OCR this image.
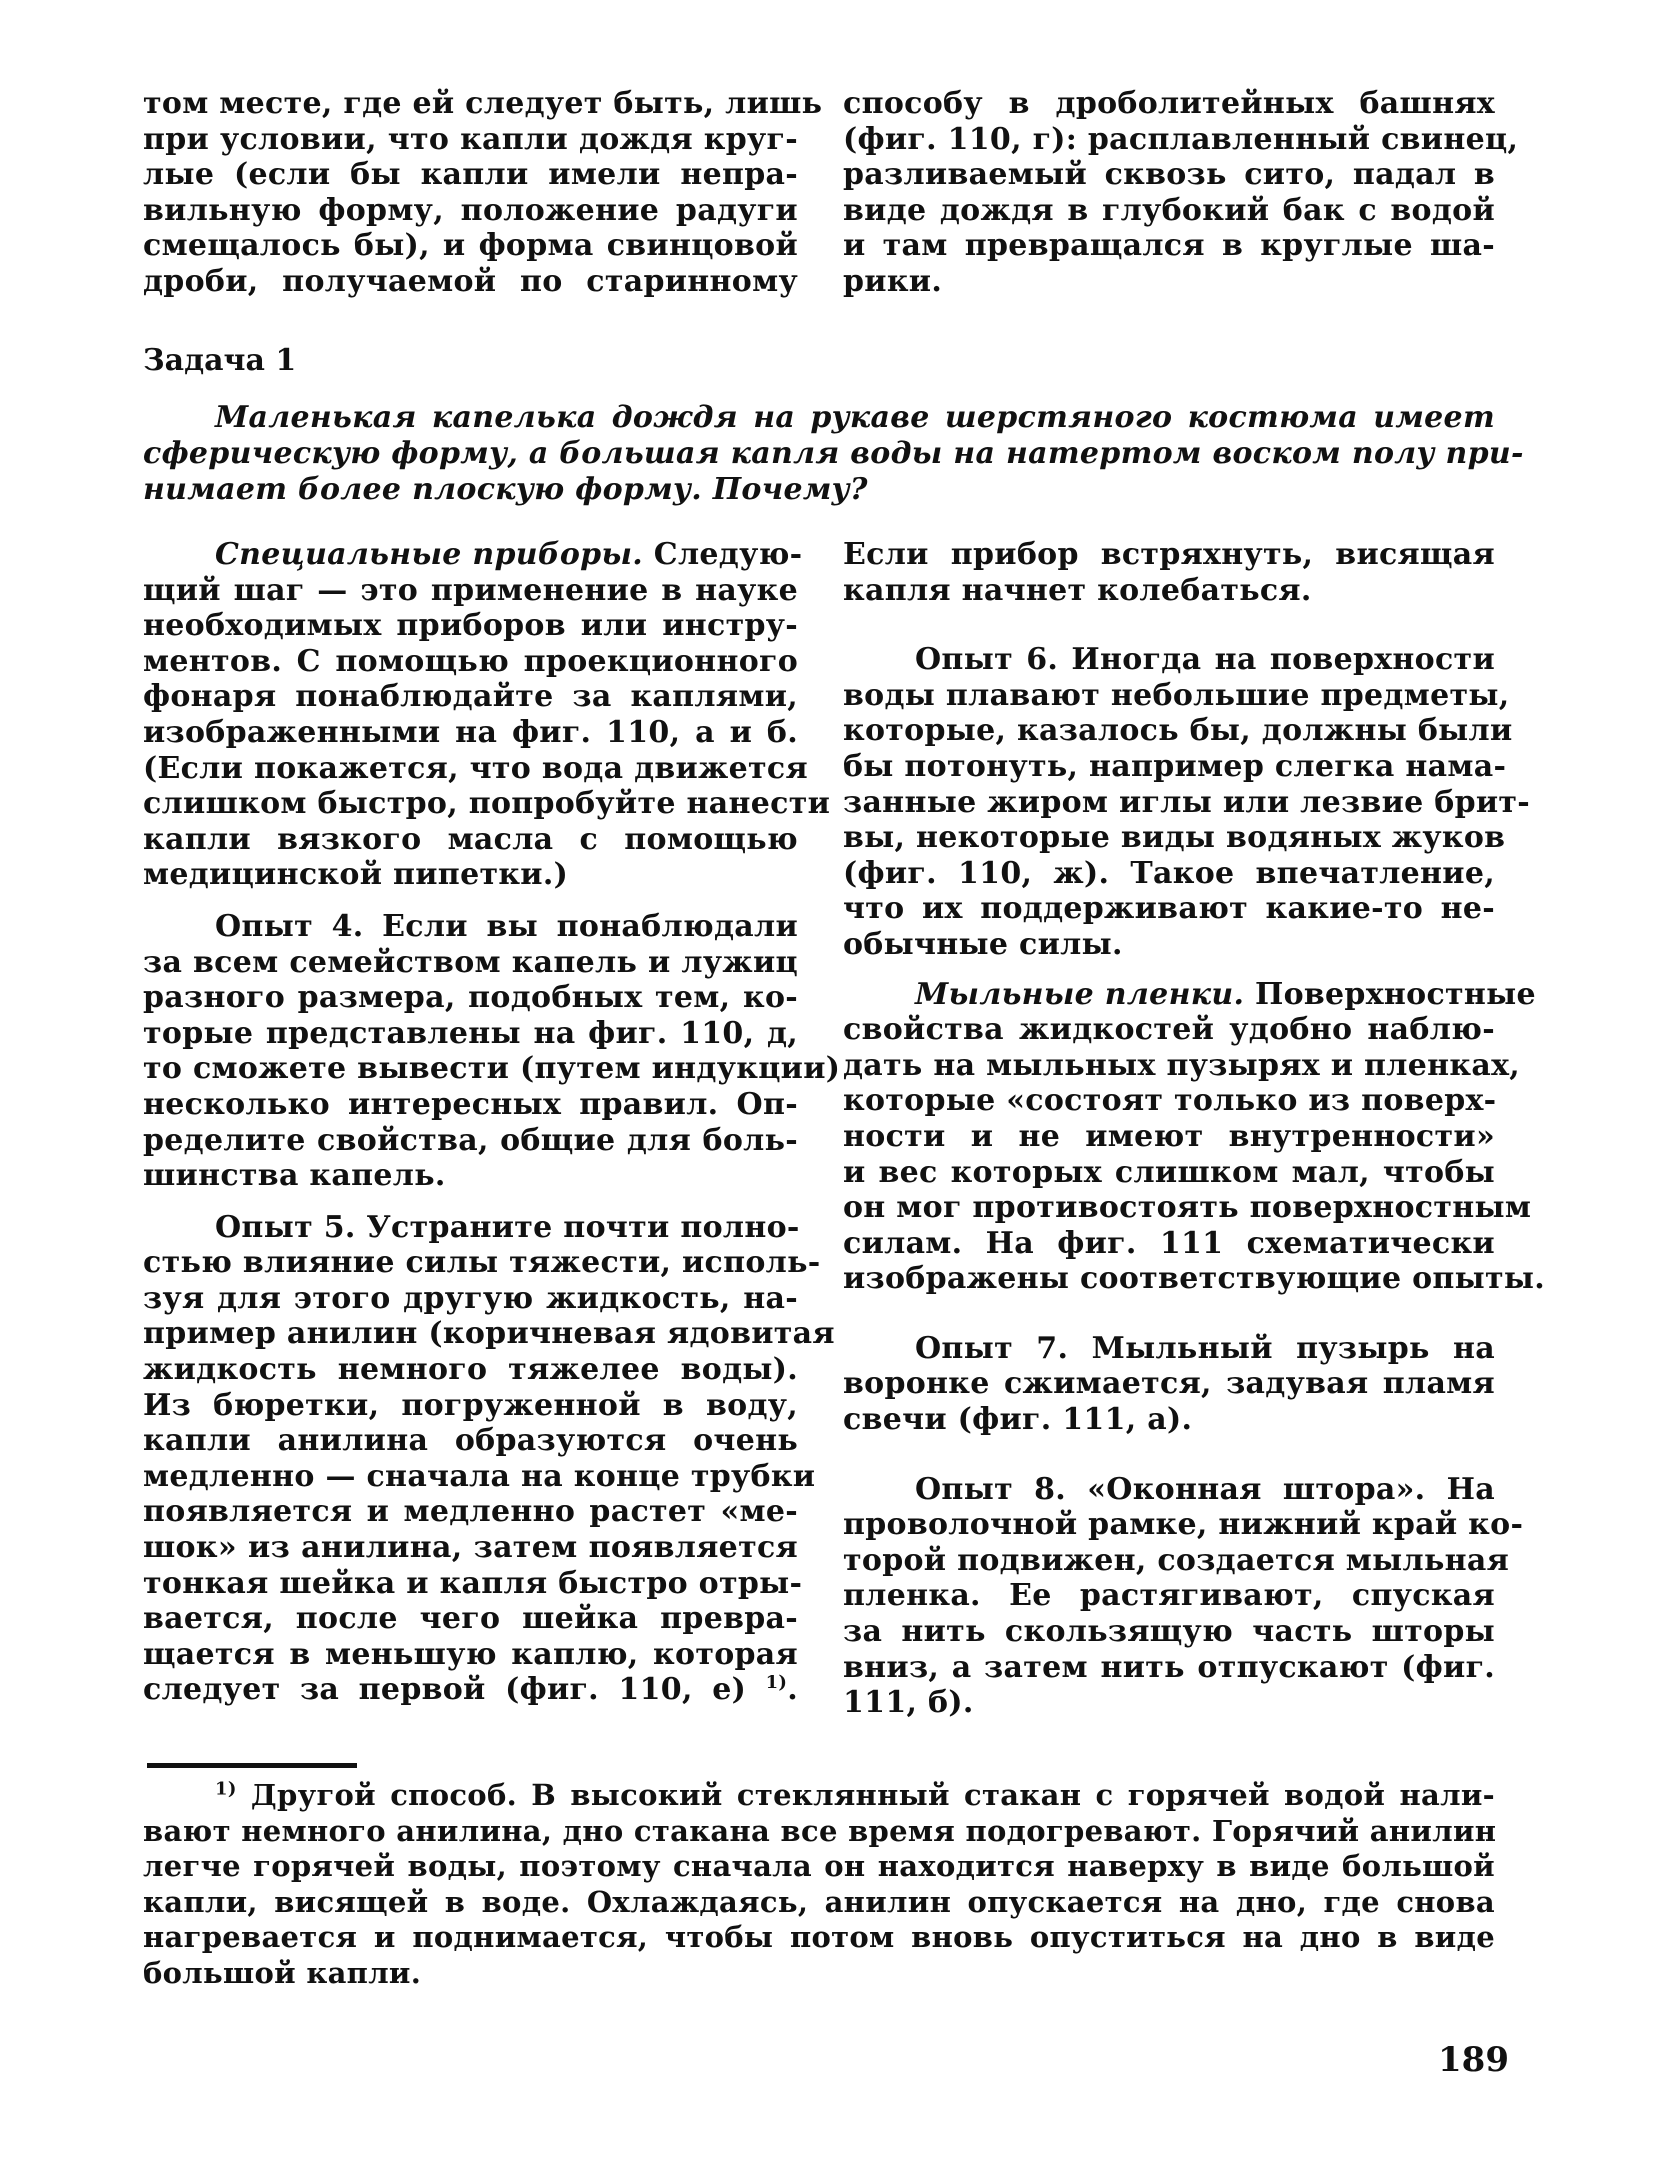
том месте, где ей следует быть, лишь
при условии, что капли дождя круг-
лые (если бы капли имели непра-
вильную форму, положение радуги
смещалось бы), и форма свинцовой
дроби, получаемой по старинному

способу в дроболитейных башнях
(фиг. 110, г): расплавленный свинец,
разливаемый сквозь сито, падал в
виде дождя в глубокий бак с водой
и там превращался в круглые ша-
рики.

Задача 1

Маленькая капелька дождя на рукаве шерстяного костюма имеет
сферическую форму, а большая капля воды на натертом воском полу при-
нимает более плоскую форму. Почему?

Специальные приборы. Следую-
щий шаг — это применение в науке
необходимых приборов или инстру-
ментов. С помощью проекционного
фонаря понаблюдайте за каплями,
изображенными на фиг. 110, а и б.
(Если покажется, что вода движется
слишком быстро, попробуйте нанести
капли вязкого масла с помощью
медицинской пипетки.)

Опыт 4. Если вы понаблюдали
за всем семейством капель и лужиц
разного размера, подобных тем, ко-
торые представлены на фиг. 110, д,
то сможете вывести (путем индукции)
несколько интересных правил. Оп-
ределите свойства, общие для боль-
шинства капель.

Опыт 5. Устраните почти полно-
стью влияние силы тяжести, исполь-
зуя для этого другую жидкость, на-
пример анилин (коричневая ядовитая
жидкость немного тяжелее воды).
Из бюретки, погруженной в воду,
капли анилина образуются очень
медленно — сначала на конце трубки
появляется и медленно растет «ме-
шок» из анилина, затем появляется
тонкая шейка и капля быстро отры-
вается, после чего шейка превра-
щается в меньшую каплю, которая
следует за первой (фиг. 110, е) $^{1)}$.

Если прибор встряхнуть, висящая
капля начнет колебаться.

Опыт 6. Иногда на поверхности
воды плавают небольшие предметы,
которые, казалось бы, должны были
бы потонуть, например слегка нама-
занные жиром иглы или лезвие брит-
вы, некоторые виды водяных жуков
(фиг. 110, ж). Такое впечатление,
что их поддерживают какие-то не-
обычные силы.

Мыльные пленки. Поверхностные
свойства жидкостей удобно наблю-
дать на мыльных пузырях и пленках,
которые «состоят только из поверх-
ности и не имеют внутренности»
и вес которых слишком мал, чтобы
он мог противостоять поверхностным
силам. На фиг. 111 схематически
изображены соответствующие опыты.

Опыт 7. Мыльный пузырь на
воронке сжимается, задувая пламя
свечи (фиг. 111, а).

Опыт 8. «Оконная штора». На
проволочной рамке, нижний край ко-
торой подвижен, создается мыльная
пленка. Ее растягивают, спуская
за нить скользящую часть шторы
вниз, а затем нить отпускают (фиг.
111, б).

$^{1)}$ Другой способ. В высокий стеклянный стакан с горячей водой нали-
вают немного анилина, дно стакана все время подогревают. Горячий анилин
легче горячей воды, поэтому сначала он находится наверху в виде большой
капли, висящей в воде. Охлаждаясь, анилин опускается на дно, где снова
нагревается и поднимается, чтобы потом вновь опуститься на дно в виде
большой капли.

189
